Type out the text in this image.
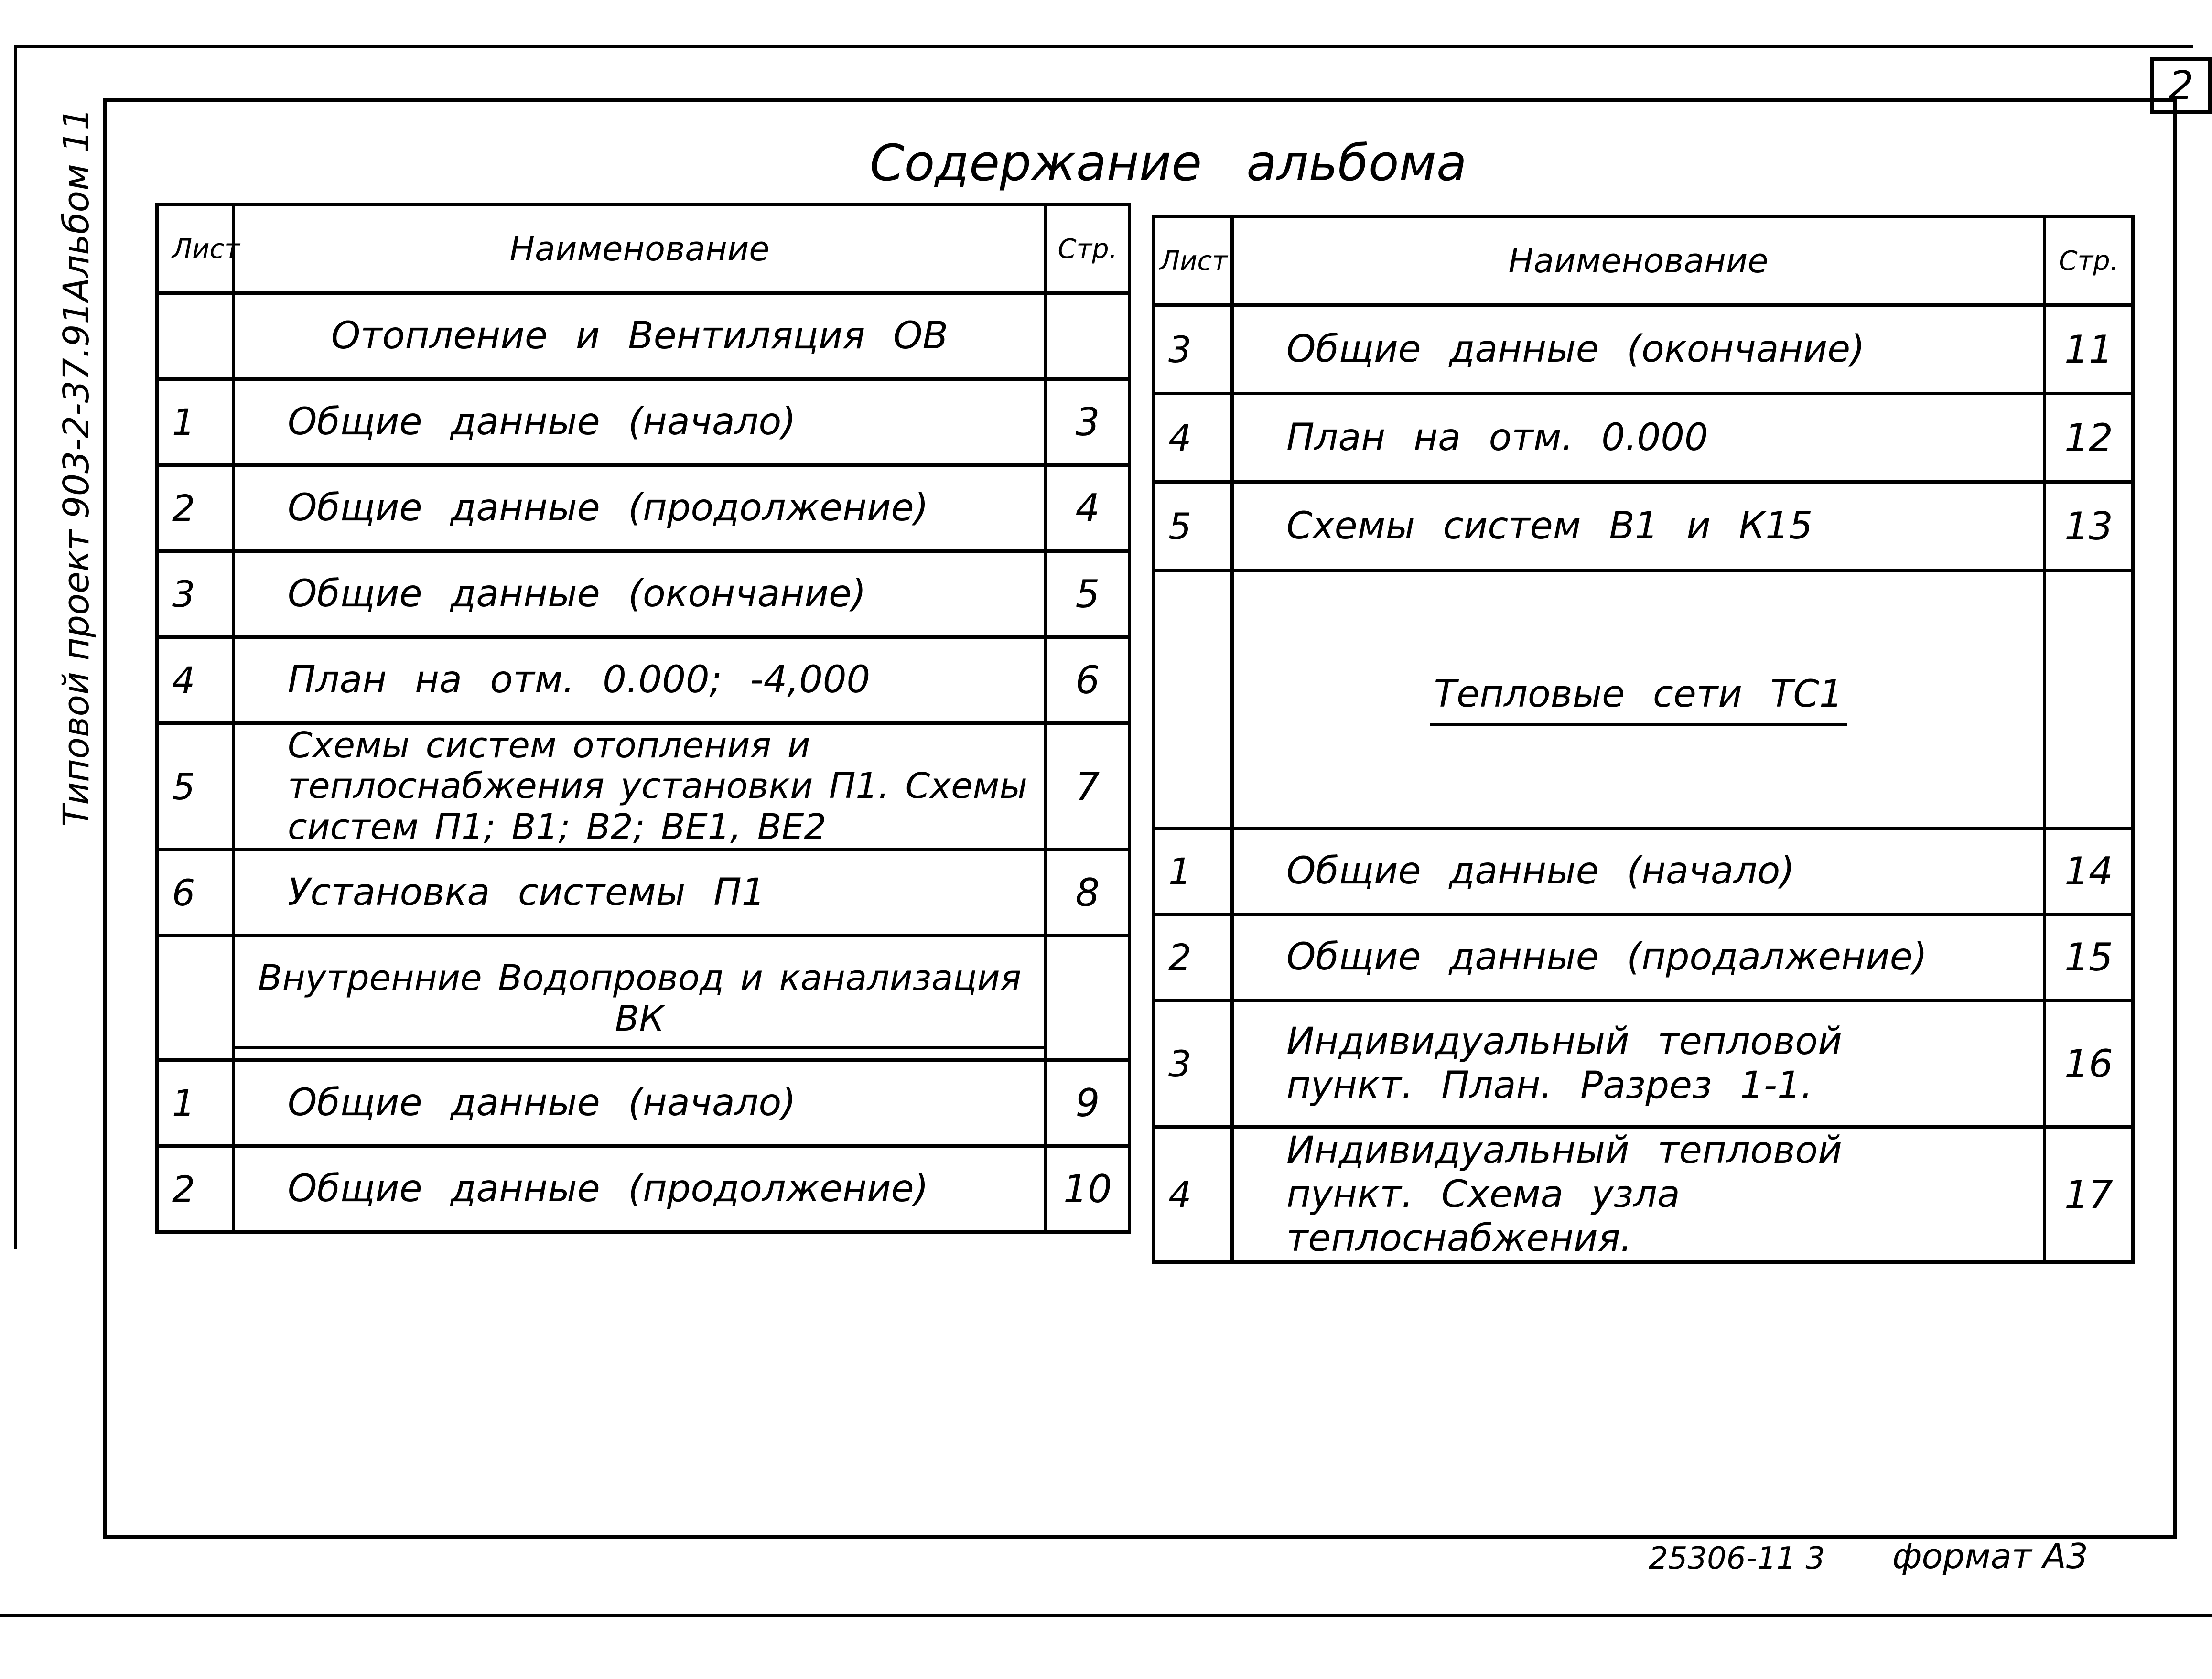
2
Типовой проект 903-2-37.91
Альбом 11	Содержание альбома
Лист	Наименование	Стр.
	Отопление и Вентиляция ОВ	
1	Общие данные (начало)	3
2	Общие данные (продолжение)	4
3	Общие данные (окончание)	5
4	План на отм. 0.000; -4,000	6
5	Схемы систем отопления и теплоснабжения установки П1. Схемы систем П1; В1; В2; ВЕ1, ВЕ2	7
6	Установка системы П1	8
	Внутренние Водопровод и канализация ВК	
1	Общие данные (начало)	9
2	Общие данные (продолжение)	10
Лист	Наименование	Стр.
3	Общие данные (окончание)	11
4	План на отм. 0.000	12
5	Схемы систем В1 и К15	13
	Тепловые сети ТС1	
1	Общие данные (начало)	14
2	Общие данные (продалжение)	15
3	Индивидуальный тепловой пункт. План. Разрез 1-1.	16
4	Индивидуальный тепловой пункт. Схема узла теплоснабжения.	17
25306-11 3 формат А3
